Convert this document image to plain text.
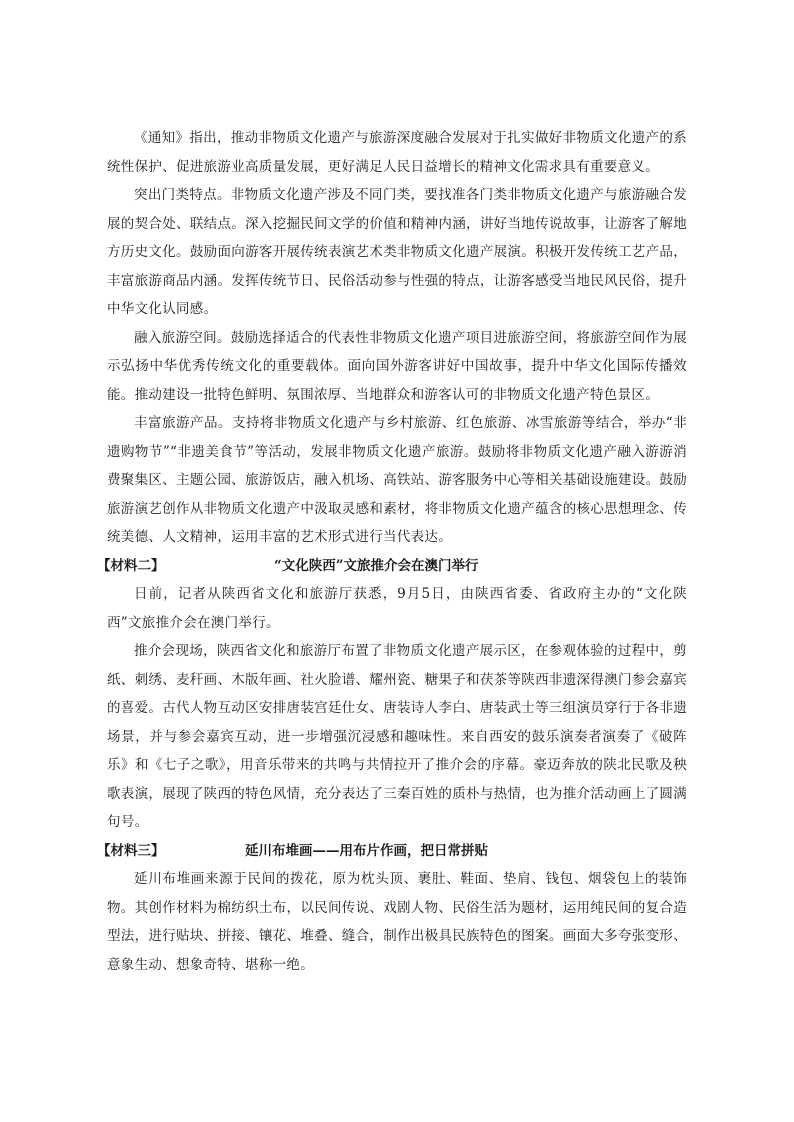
《通知》指出，推动非物质文化遗产与旅游深度融合发展对于扎实做好非物质文化遗产的系统性保护、促进旅游业高质量发展，更好满足人民日益增长的精神文化需求具有重要意义。

突出门类特点。非物质文化遗产涉及不同门类，要找准各门类非物质文化遗产与旅游融合发展的契合处、联结点。深入挖掘民间文学的价值和精神内涵，讲好当地传说故事，让游客了解地方历史文化。鼓励面向游客开展传统表演艺术类非物质文化遗产展演。积极开发传统工艺产品，丰富旅游商品内涵。发挥传统节日、民俗活动参与性强的特点，让游客感受当地民风民俗，提升中华文化认同感。

融入旅游空间。鼓励选择适合的代表性非物质文化遗产项目进旅游空间，将旅游空间作为展示弘扬中华优秀传统文化的重要载体。面向国外游客讲好中国故事，提升中华文化国际传播效能。推动建设一批特色鲜明、氛围浓厚、当地群众和游客认可的非物质文化遗产特色景区。

丰富旅游产品。支持将非物质文化遗产与乡村旅游、红色旅游、冰雪旅游等结合，举办“非遗购物节”“非遗美食节”等活动，发展非物质文化遗产旅游。鼓励将非物质文化遗产融入游游消费聚集区、主题公园、旅游饭店，融入机场、高铁站、游客服务中心等相关基础设施建设。鼓励旅游演艺创作从非物质文化遗产中汲取灵感和素材，将非物质文化遗产蕴含的核心思想理念、传统美德、人文精神，运用丰富的艺术形式进行当代表达。

【材料二】	“文化陕西”文旅推介会在澳门举行

日前，记者从陕西省文化和旅游厅获悉，9月5日，由陕西省委、省政府主办的“文化陕西”文旅推介会在澳门举行。

推介会现场，陕西省文化和旅游厅布置了非物质文化遗产展示区，在参观体验的过程中，剪纸、刺绣、麦秆画、木版年画、社火脸谱、耀州瓷、糖果子和茯茶等陕西非遗深得澳门参会嘉宾的喜爱。古代人物互动区安排唐装宫廷仕女、唐装诗人李白、唐装武士等三组演员穿行于各非遗场景，并与参会嘉宾互动，进一步增强沉浸感和趣味性。来自西安的鼓乐演奏者演奏了《破阵乐》和《七子之歌》，用音乐带来的共鸣与共情拉开了推介会的序幕。豪迈奔放的陕北民歌及秧歌表演，展现了陕西的特色风情，充分表达了三秦百姓的质朴与热情，也为推介活动画上了圆满句号。

【材料三】	延川布堆画——用布片作画，把日常拼贴

延川布堆画来源于民间的拨花，原为枕头顶、裹肚、鞋面、垫肩、钱包、烟袋包上的装饰物。其创作材料为棉纺织土布，以民间传说、戏剧人物、民俗生活为题材，运用纯民间的复合造型法，进行贴块、拼接、镶花、堆叠、缝合，制作出极具民族特色的图案。画面大多夸张变形、意象生动、想象奇特、堪称一绝。
